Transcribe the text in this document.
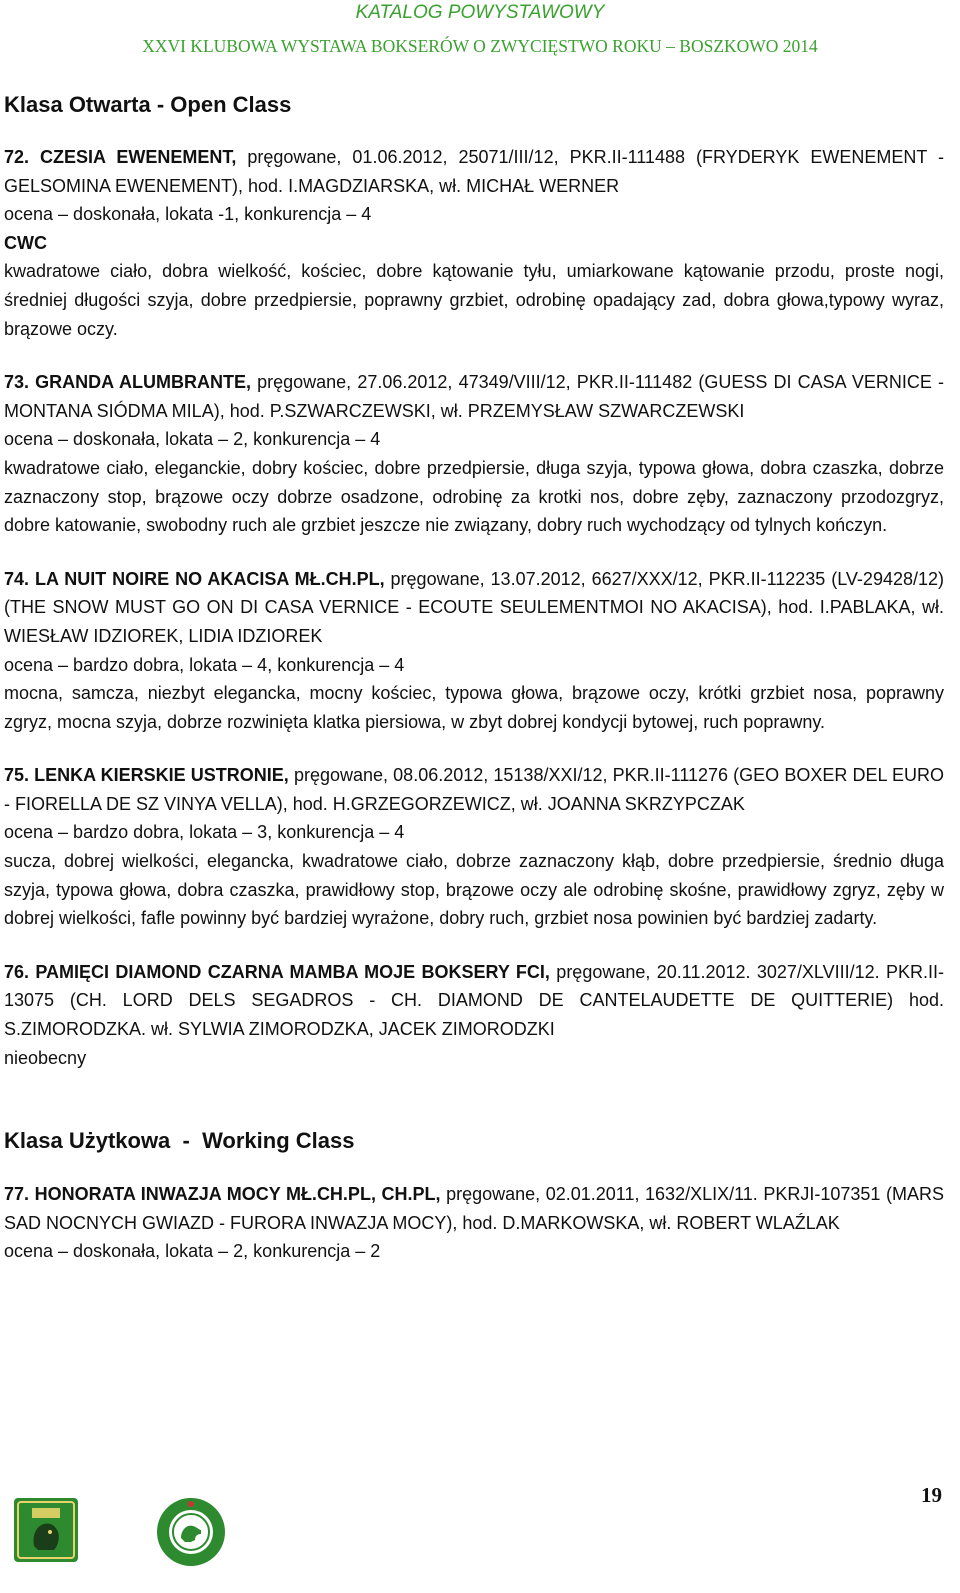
KATALOG POWYSTAWOWY
XXVI KLUBOWA WYSTAWA BOKSERÓW O ZWYCIĘSTWO ROKU – BOSZKOWO 2014
Klasa Otwarta - Open Class

72. CZESIA EWENEMENT, pręgowane, 01.06.2012, 25071/III/12, PKR.II-111488 (FRYDERYK EWENEMENT - GELSOMINA EWENEMENT), hod. I.MAGDZIARSKA, wł. MICHAŁ WERNER

ocena – doskonała, lokata -1, konkurencja – 4

CWC

kwadratowe ciało, dobra wielkość, kościec, dobre kątowanie tyłu, umiarkowane kątowanie przodu, proste nogi, średniej długości szyja, dobre przedpiersie, poprawny grzbiet, odrobinę opadający zad, dobra głowa,typowy wyraz, brązowe oczy.

73. GRANDA ALUMBRANTE, pręgowane, 27.06.2012, 47349/VIII/12, PKR.II-111482 (GUESS DI CASA VERNICE - MONTANA SIÓDMA MILA), hod. P.SZWARCZEWSKI, wł. PRZEMYSŁAW SZWARCZEWSKI

ocena – doskonała, lokata – 2, konkurencja – 4

kwadratowe ciało, eleganckie, dobry kościec, dobre przedpiersie, długa szyja, typowa głowa, dobra czaszka, dobrze zaznaczony stop, brązowe oczy dobrze osadzone, odrobinę za krotki nos, dobre zęby, zaznaczony przodozgryz, dobre katowanie, swobodny ruch ale grzbiet jeszcze nie związany, dobry ruch wychodzący od tylnych kończyn.

74. LA NUIT NOIRE NO AKACISA MŁ.CH.PL, pręgowane, 13.07.2012, 6627/XXX/12, PKR.II-112235 (LV-29428/12) (THE SNOW MUST GO ON DI CASA VERNICE - ECOUTE SEULEMENTMOI NO AKACISA), hod. I.PABLAKA, wł. WIESŁAW IDZIOREK, LIDIA IDZIOREK

ocena – bardzo dobra, lokata – 4, konkurencja – 4

mocna, samcza, niezbyt elegancka, mocny kościec, typowa głowa, brązowe oczy, krótki grzbiet nosa, poprawny zgryz, mocna szyja, dobrze rozwinięta klatka piersiowa, w zbyt dobrej kondycji bytowej, ruch poprawny.

75. LENKA KIERSKIE USTRONIE, pręgowane, 08.06.2012, 15138/XXI/12, PKR.II-111276 (GEO BOXER DEL EURO - FIORELLA DE SZ VINYA VELLA), hod. H.GRZEGORZEWICZ, wł. JOANNA SKRZYPCZAK

ocena – bardzo dobra, lokata – 3, konkurencja – 4

sucza, dobrej wielkości, elegancka, kwadratowe ciało, dobrze zaznaczony kłąb, dobre przedpiersie, średnio długa szyja, typowa głowa, dobra czaszka, prawidłowy stop, brązowe oczy ale odrobinę skośne, prawidłowy zgryz, zęby w dobrej wielkości, fafle powinny być bardziej wyrażone, dobry ruch, grzbiet nosa powinien być bardziej zadarty.

76. PAMIĘCI DIAMOND CZARNA MAMBA MOJE BOKSERY FCI, pręgowane, 20.11.2012. 3027/XLVIII/12. PKR.II-13075 (CH. LORD DELS SEGADROS - CH. DIAMOND DE CANTELAUDETTE DE QUITTERIE) hod. S.ZIMORODZKA. wł. SYLWIA ZIMORODZKA, JACEK ZIMORODZKI

nieobecny

Klasa Użytkowa  -  Working Class

77. HONORATA INWAZJA MOCY MŁ.CH.PL, CH.PL, pręgowane, 02.01.2011, 1632/XLIX/11. PKRJI-107351 (MARS SAD NOCNYCH GWIAZD - FURORA INWAZJA MOCY), hod. D.MARKOWSKA, wł. ROBERT WLAŹLAK

ocena – doskonała, lokata – 2, konkurencja – 2

19
